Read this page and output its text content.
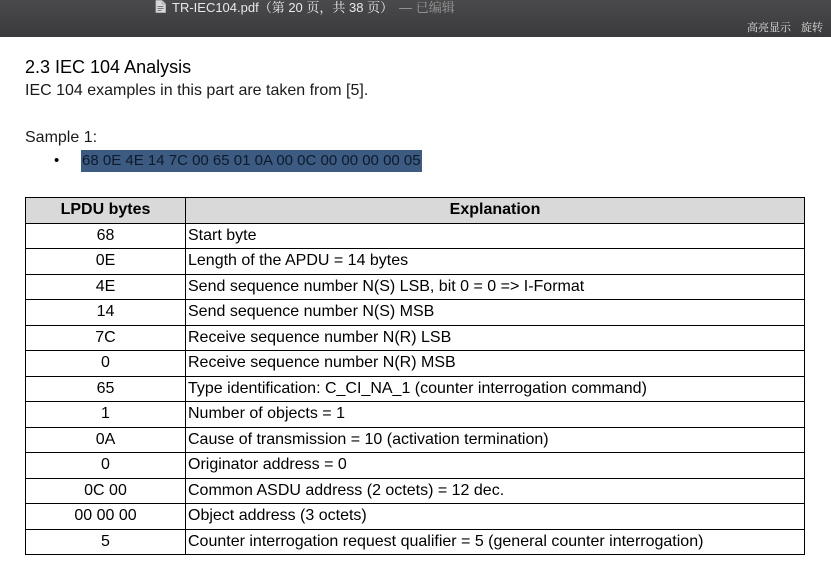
TR-IEC104.pdf（第 20 页，共 38 页） — 已编辑
高亮显示 旋转
2.3 IEC 104 Analysis
IEC 104 examples in this part are taken from [5].
Sample 1:
• 68 0E 4E 14 7C 00 65 01 0A 00 0C 00 00 00 00 05
LPDU bytes	Explanation
68	Start byte
0E	Length of the APDU = 14 bytes
4E	Send sequence number N(S) LSB, bit 0 = 0 => I-Format
14	Send sequence number N(S) MSB
7C	Receive sequence number N(R) LSB
0	Receive sequence number N(R) MSB
65	Type identification: C_CI_NA_1 (counter interrogation command)
1	Number of objects = 1
0A	Cause of transmission = 10 (activation termination)
0	Originator address = 0
0C 00	Common ASDU address (2 octets) = 12 dec.
00 00 00	Object address (3 octets)
5	Counter interrogation request qualifier = 5 (general counter interrogation)
